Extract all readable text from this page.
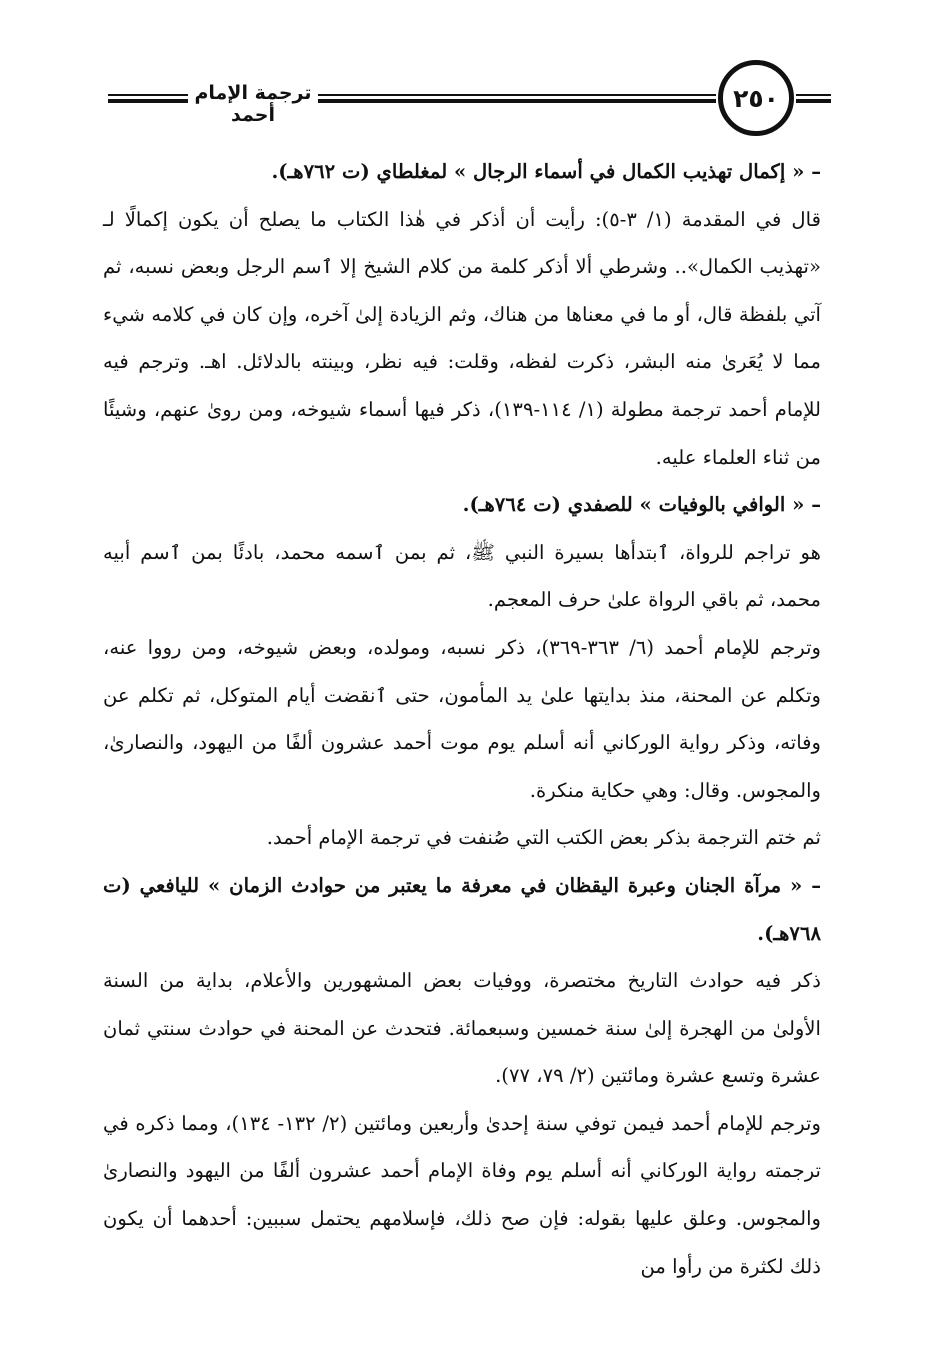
ترجمة الإمام أحمد
٢٥٠

– « إكمال تهذيب الكمال في أسماء الرجال » لمغلطاي (ت ٧٦٢هـ).

قال في المقدمة (١/ ٣-٥): رأيت أن أذكر في هٰذا الكتاب ما يصلح أن يكون إكمالًا لـ «تهذيب الكمال».. وشرطي ألا أذكر كلمة من كلام الشيخ إلا ٱسم الرجل وبعض نسبه، ثم آتي بلفظة قال، أو ما في معناها من هناك، وثم الزيادة إلىٰ آخره، وإن كان في كلامه شيء مما لا يُعَرىٰ منه البشر، ذكرت لفظه، وقلت: فيه نظر، وبينته بالدلائل. اهـ. وترجم فيه للإمام أحمد ترجمة مطولة (١/ ١١٤-١٣٩)، ذكر فيها أسماء شيوخه، ومن روىٰ عنهم، وشيئًا من ثناء العلماء عليه.

– « الوافي بالوفيات » للصفدي (ت ٧٦٤هـ).

هو تراجم للرواة، ٱبتدأها بسيرة النبي ﷺ، ثم بمن ٱسمه محمد، بادئًا بمن ٱسم أبيه محمد، ثم باقي الرواة علىٰ حرف المعجم.

وترجم للإمام أحمد (٦/ ٣٦٣-٣٦٩)، ذكر نسبه، ومولده، وبعض شيوخه، ومن رووا عنه، وتكلم عن المحنة، منذ بدايتها علىٰ يد المأمون، حتى ٱنقضت أيام المتوكل، ثم تكلم عن وفاته، وذكر رواية الوركاني أنه أسلم يوم موت أحمد عشرون ألفًا من اليهود، والنصارىٰ، والمجوس. وقال: وهي حكاية منكرة.

ثم ختم الترجمة بذكر بعض الكتب التي صُنفت في ترجمة الإمام أحمد.

– « مرآة الجنان وعبرة اليقظان في معرفة ما يعتبر من حوادث الزمان » لليافعي (ت ٧٦٨هـ).

ذكر فيه حوادث التاريخ مختصرة، ووفيات بعض المشهورين والأعلام، بداية من السنة الأولىٰ من الهجرة إلىٰ سنة خمسين وسبعمائة. فتحدث عن المحنة في حوادث سنتي ثمان عشرة وتسع عشرة ومائتين (٢/ ٧٩، ٧٧).

وترجم للإمام أحمد فيمن توفي سنة إحدىٰ وأربعين ومائتين (٢/ ١٣٢- ١٣٤)، ومما ذكره في ترجمته رواية الوركاني أنه أسلم يوم وفاة الإمام أحمد عشرون ألفًا من اليهود والنصارىٰ والمجوس. وعلق عليها بقوله: فإن صح ذلك، فإسلامهم يحتمل سببين: أحدهما أن يكون ذلك لكثرة من رأوا من
